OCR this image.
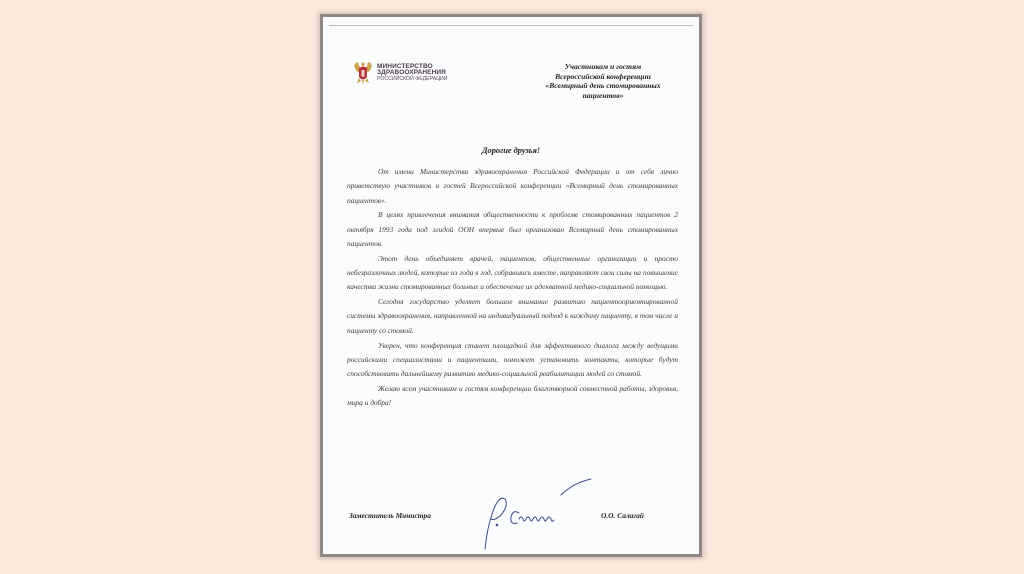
МИНИСТЕРСТВО
ЗДРАВООХРАНЕНИЯ
РОССИЙСКОЙ ФЕДЕРАЦИИ
Участникам и гостям
Всероссийской конференции
«Всемирный день стомированных
пациентов»
Дорогие друзья!

От имени Министерства здравоохранения Российской Федерации и от себя лично приветствую участников и гостей Всероссийской конференции «Всемирный день стомированных пациентов».

В целях привлечения внимания общественности к проблеме стомированных пациентов 2 октября 1993 года под эгидой ООН впервые был организован Всемирный день стомированных пациентов.

Этот день объединяет врачей, пациентов, общественные организации и просто небезразличных людей, которые из года в год, собравшись вместе, направляют свои силы на повышение качества жизни стомированных больных и обеспечение их адекватной медико-социальной помощью.

Сегодня государство уделяет большое внимание развитию пациентоориентированной системы здравоохранения, направленной на индивидуальный подход к каждому пациенту, в том числе и пациенту со стомой.

Уверен, что конференция станет площадкой для эффективного диалога между ведущими российскими специалистами и пациентами, поможет установить контакты, которые будут способствовать дальнейшему развитию медико-социальной реабилитации людей со стомой.

Желаю всем участникам и гостям конференции благотворной совместной работы, здоровья, мира и добра!

Заместитель Министра	О.О. Салагай
